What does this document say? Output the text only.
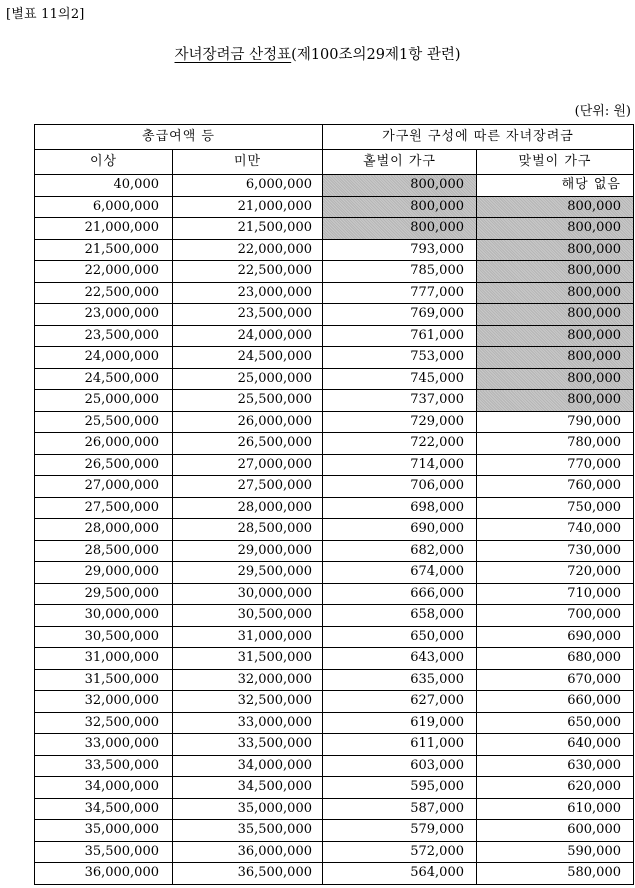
[별표 11의2]
자녀장려금 산정표(제100조의29제1항 관련)
(단위: 원)
총급여액 등		가구원 구성에 따른 자녀장려금	
이상	미만	홑벌이 가구	맞벌이 가구
40,000	6,000,000	800,000	해당 없음
6,000,000	21,000,000	800,000	800,000
21,000,000	21,500,000	800,000	800,000
21,500,000	22,000,000	793,000	800,000
22,000,000	22,500,000	785,000	800,000
22,500,000	23,000,000	777,000	800,000
23,000,000	23,500,000	769,000	800,000
23,500,000	24,000,000	761,000	800,000
24,000,000	24,500,000	753,000	800,000
24,500,000	25,000,000	745,000	800,000
25,000,000	25,500,000	737,000	800,000
25,500,000	26,000,000	729,000	790,000
26,000,000	26,500,000	722,000	780,000
26,500,000	27,000,000	714,000	770,000
27,000,000	27,500,000	706,000	760,000
27,500,000	28,000,000	698,000	750,000
28,000,000	28,500,000	690,000	740,000
28,500,000	29,000,000	682,000	730,000
29,000,000	29,500,000	674,000	720,000
29,500,000	30,000,000	666,000	710,000
30,000,000	30,500,000	658,000	700,000
30,500,000	31,000,000	650,000	690,000
31,000,000	31,500,000	643,000	680,000
31,500,000	32,000,000	635,000	670,000
32,000,000	32,500,000	627,000	660,000
32,500,000	33,000,000	619,000	650,000
33,000,000	33,500,000	611,000	640,000
33,500,000	34,000,000	603,000	630,000
34,000,000	34,500,000	595,000	620,000
34,500,000	35,000,000	587,000	610,000
35,000,000	35,500,000	579,000	600,000
35,500,000	36,000,000	572,000	590,000
36,000,000	36,500,000	564,000	580,000
